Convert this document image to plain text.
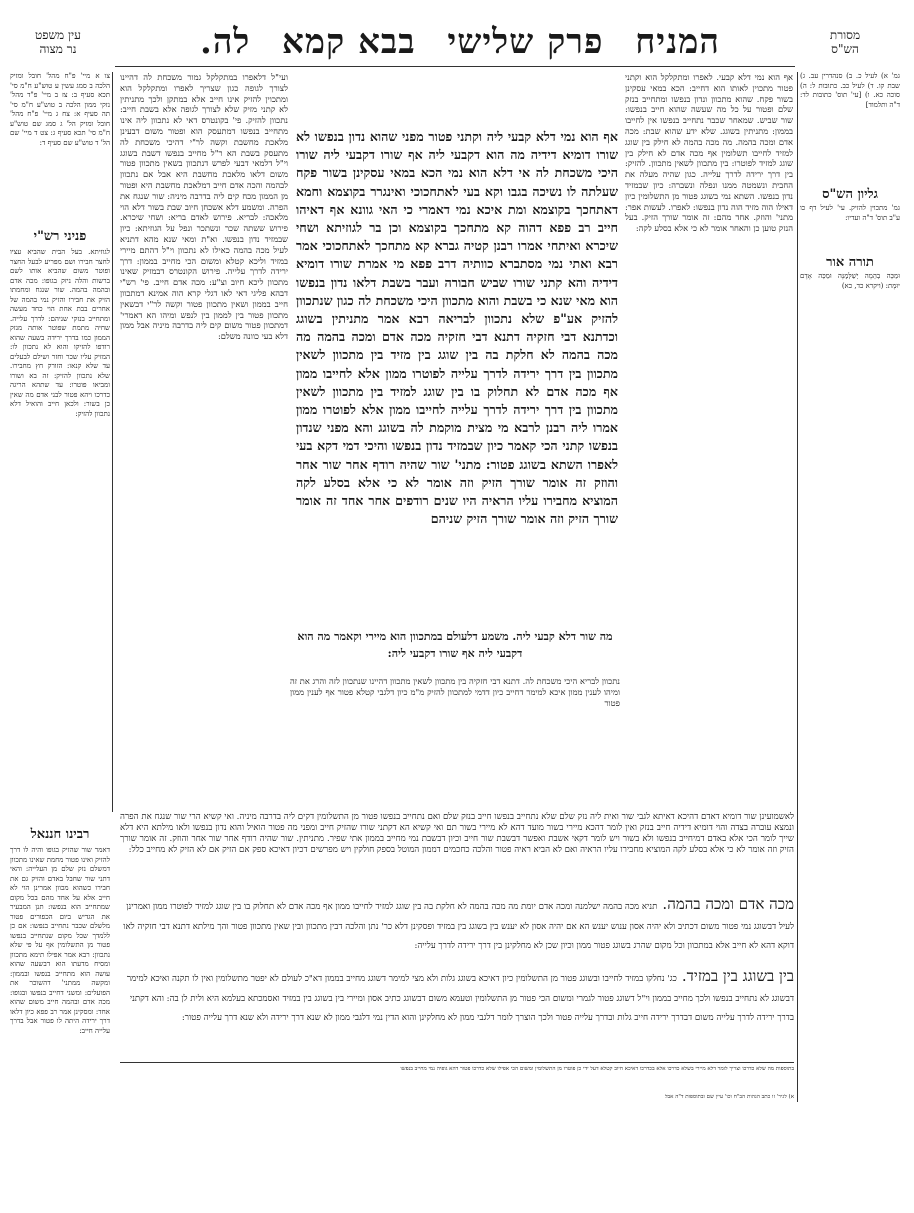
המניח
פרק שלישי
בבא קמא
לה.
עין משפט
נר מצוה
מסורת
הש"ס
צו א מיי' פ"ח מהל' חובל ומזיק הלכה ב סמג עשין ע טוש"ע ח"מ סי' תכא סעיף ב: צז ב מיי' פ"ד מהל' נזקי ממון הלכה ב טוש"ע ח"מ סי' תה סעיף א: צח ג מיי' פ"ח מהל' חובל ומזיק הל' ג סמג שם טוש"ע ח"מ סי' תכא סעיף ג: צט ד מיי' שם הל' ד טוש"ע שם סעיף ד:
פניני רש"י
לגוזיתא. בעל הבית שהביא עציו לחצר חבירו ושם מפריע לבעל החצר ופוטר משום שהביא אותו לשם ברשות והלה ניזק בגופו: מכה אדם ובהמה בהמה. שור שנגח ומחמתו הזיק את חבירו והזיק נמי בהמה של אחרים בבת אחת הוי כחד מעשה ומתחייב בנזקי שניהם: לדרך עלייה. שחיה מתמת שפוטר אותה מנזק הממון כמו בדרך ירידה בשעה שהוא רודפו להזיקו והוא לא נתכוון לו: המזיק עליו שכר וחזר ושילם לבעלים עד שלא קנאו: הזורק חץ מחבירו. שלא נתכוון להזיק: זה בא ושורו ומביאו פוטרו: עד שתהא הריגה כדרכו ויהא פטור לבני אדם מה שאין כן בשור: ולכאן חייב והואיל דלא נתכוון להזיק:
רבינו חננאל
דאמר שור שהזיק בגופו והיה לו דרך להזיק ואינו פטור מחמת שאינו מתכוון דמשלם נזק שלם מן העלייה: והאי דתני שור שחבל באדם והזיק גם את חבירו כשהוא מכוון אמרינן הוי לא חייב אלא על אחד מהם בכל מקום שמתחייב הוא בנפשו: תנן המבעיר את הגדיש ביום הכפורים פטור מלשלם שכבר נתחייב בנפשו: אם כן ללמדך שכל מקום שנתחייב בנפשו פטור מן התשלומין אף על פי שלא נתכוון: רבא אמר אפילו תימא מתכוון ומסיח מדעתו הוא דבשעה שהוא עושה הוא מתחייב בנפשו ובממון: ומקשה ממתני' דהשוכר את הפועלים: ומשני דחייב בנפשו ובגופו: מכה אדם ובהמה חייב משום שהוא אחד: ומסקינן אמר רב פפא כיון דלאו דרך ירידה היתה לו פטור אבל בדרך עלייה חייב:
גמ' א) לעיל כ. ב) סנהדרין עב. ג) שבת קו. ד) לעיל כב. כתובות ל: ה) סוכה כא. ו) [עי' תוס' כתובות לד: ד"ה ותלמוד]
גליון הש"ס
גמ' מתכוין להזיק. עי' לעיל דף כו ע"ב תוס' ד"ה ועדיו:
תורה אור
וּמַכֵּה בְהֵמָה יְשַׁלְּמֶנָּה וּמַכֵּה אָדָם יוּמָת: (ויקרא כד, כא)
ועי"ל דלאפרו במתקלקל גמור משכחת לה דהיינו לצורך לגופה כגון שצריך לאפרו ומתקלקל הוא ומתכוין להזיק אינו חייב אלא במתקן ולכך מתניתין לא קתני מזיק שלא לצורך לגופה אלא בשבת חייב: נתכוון להזיק. פי' בקונטרס דאי לא נתכוון ליה אינו מתחייב בנפשו דמתעסק הוא ופטור משום דבעינן מלאכת מחשבת וקשה לר"י דהיכי משכחת לה מתעסק בשבת הא ר"ל מחייב בנפשו דשבת בשוגג וי"ל דלמאי דבעי לפרש דנתכוון בשאין מתכוון פטור משום דלאו מלאכת מחשבת היא אבל אם נתכוון לבהמה והכה אדם חייב דמלאכת מחשבת היא ופטור מן הממון מכח קים ליה בדרבה מיניה: שור שנגח את הפרה. ומשמע דלא אשכחן חיוב שבת בשור דלא הוי מלאכה: לבריא. פירוש לאדם בריא: ושחי שיכרא. פירוש ששתה שכר ונשתכר ונפל על הגוזיתא: כיון שבמזיד נדון בנפשו. וא"ת ומאי שנא מהא דתניא לעיל מכה בהמה כאילו לא נתכוון וי"ל דהתם מיירי במזיד וליכא קטלא ומשום הכי מחייב בממון: דרך ירידה לדרך עלייה. פירוש הקונטרס דבמזיק שאינו מתכוון ליכא חיוב וצ"ע: מכה אדם חייב. פי' רש"י דבהא פליגי דאי לאו דגלי קרא הוה אמינא דמתכוון חייב בממון ושאין מתכוון פטור וקשה לר"י דבשאין מתכוון פטור בין לממון בין לנפש ומיהו הא דאמרי' דמתכוון פטור משום קים ליה בדרבה מיניה אבל ממון דלא בעי כוונה משלם:
אף הוא נמי דלא קבעי. לאפרו ומתקלקל הוא וקתני פטור מתכוין לאותו הוא דחייב: הכא במאי עסקינן בשור פקח. שהוא מתכוון ונדון בנפשו ומתחייב בנזק שלם ופטור על כל מה שעשה שהוא חייב בנפשו: שור שביש. שמאחר שכבר נתחייב בנפשו אין לחייבו בממון: מתניתין בשוגג. שלא ידע שהוא שבת: מכה אדם ומכה בהמה. מה מכה בהמה לא חילק בין שוגג למזיד לחייבו תשלומין אף מכה אדם לא חילק בין שוגג למזיד לפוטרו: בין מתכוון לשאין מתכוון. להזיק: בין דרך ירידה לדרך עלייה. כגון שהיה מעלה את החבית ונשמטה ממנו ונפלה ונשברה: כיון שבמזיד נדון בנפשו. השתא נמי בשוגג פטור מן התשלומין כיון דאילו הוה מזיד הוה נדון בנפשו: לאפרו. לעשות אפר: מתני' והוזק. אחד מהם: זה אומר שורך הזיק. בעל הנזק טוען כן והאחר אומר לא כי אלא בסלע לקה:
אף הוא נמי דלא קבעי ליה וקתני פטור מפני שהוא נדון בנפשו לא שורו דומיא דידיה מה הוא דקבעי ליה אף שורו דקבעי ליה שורו היכי משכחת לה אי דלא הוא נמי הכא במאי עסקינן בשור פקח שעלתה לו נשיכה בגבו וקא בעי לאתחכוכי ואינגרר בקוצמא וחמא דאתחכך בקוצמא ומת איכא נמי דאמרי כי האי גוונא אף דאיהו חייב רב פפא דהוה קא מתחכך בקוצמא וכן בר לגוזיתא ושחי שיכרא ואיתחי אמרו רבנן קטיה גברא קא מתחכך לאתחכוכי אמר רבא ואתי נמי מסתברא כוותיה דרב פפא מי אמרת שורו דומיא דידיה והא קתני שורו שביש חבורה ועבר בשבת דלאו נדון בנפשו הוא מאי שנא כי בשבת והוא מתכוון היכי משכחת לה כגון שנתכוון להזיק אע"פ שלא נתכוון לבריאה רבא אמר מתניתין בשוגג וכדתנא דבי חזקיה דתנא דבי חזקיה מכה אדם ומכה בהמה מה מכה בהמה לא חלקת בה בין שוגג בין מזיד בין מתכוון לשאין מתכוון בין דרך ירידה לדרך עלייה לפוטרו ממון אלא לחייבו ממון אף מכה אדם לא תחלוק בו בין שוגג למזיד בין מתכוון לשאין מתכוון בין דרך ירידה לדרך עלייה לחייבו ממון אלא לפוטרו ממון אמרו ליה רבנן לרבא מי מצית מוקמת לה בשוגג והא מפני שנדון בנפשו קתני הכי קאמר כיון שבמזיד נדון בנפשו והיכי דמי דקא בעי לאפרו השתא בשוגג פטור: מתני' שור שהיה רודף אחר שור אחר והוזק זה אומר שורך הזיק וזה אומר לא כי אלא בסלע לקה המוציא מחבירו עליו הראיה היו שנים רודפים אחר אחד זה אומר שורך הזיק וזה אומר שורך הזיק שניהם
מה שור דלא קבעי ליה. משמע דלעולם במתכוון הוא מיירי וקאמר מה הוא דקבעי ליה אף שורו דקבעי ליה:
נתכוון לבריא היכי משכחת לה. דתנא דבי חזקיה בין מתכוון לשאין מתכוון דהיינו שנתכוון לזה והרג את זה ומיהו לענין ממון איכא למימר דחייב כיון דדמי למתכוון להזיק מ"מ כיון דלגבי קטלא פטור אף לענין ממון פטור
לאשמועינן שור דומיא דאדם דהיכא דאיתא לגבי שור ואית ליה נזק שלם שלא נתחייב בנפשו חייב בנזק שלם ואם נתחייב בנפשו פטור מן התשלומין דקים ליה בדרבה מיניה. ואי קשיא הרי שור שנגח את הפרה ונמצא עוברה בצדה והוי דומיא דידיה חייב בנזק ואין לומר דהכא מיירי בשור מועד דהא לא מיירי בשור תם ואי קשיא הא דקתני שורו שהזיק חייב ומפני מה פטור הואיל והוא נדון בנפשו ולאו מילתא היא דלא שייך לומר הכי אלא באדם דמיחייב בנפשו ולא בשור ויש לומר דקאי אשבת ואפשר דבשבת שור חייב וכיון דבשבת נמי מחייב בממון אתי שפיר. מתניתין. שור שהיה רודף אחר שור אחר והוזק. זה אומר שורך הזיק וזה אומר לא כי אלא בסלע לקה המוציא מחבירו עליו הראיה ואם לא הביא ראיה פטור והלכה כחכמים דממון המוטל בספק חולקין ויש מפרשים דכיון דאיכא ספק אם הזיק אם לא הזיק לא מחייב כלל:
מכה אדם ומכה בהמה. תניא מכה בהמה ישלמנה ומכה אדם יומת מה מכה בהמה לא חלקת בה בין שוגג למזיד לחייבו ממון אף מכה אדם לא תחלוק בו בין שוגג למזיד לפוטרו ממון ואמרינן לעיל דבשוגג נמי פטור משום דכתיב ולא יהיה אסון ענוש יענש הא אם יהיה אסון לא יענש בין בשוגג בין במזיד ופסקינן דלא כר' נתן והלכה דבין מתכוון ובין שאין מתכוון פטור והך מילתא דתנא דבי חזקיה לאו דוקא דהא לא חייב אלא במתכוון וכל מקום שהרג בשוגג פטור ממון וכיון שכן לא מחלקינן בין דרך ירידה לדרך עלייה:
בין בשוגג בין במזיד. כג' נחלקו במזיד לחייבו ובשוגג פטור מן התשלומין כיון דאיכא בשוגג גלות ולא מצי למימר דשוגג מחייב בממון דא"כ לעולם לא יפטר מתשלומין ואין לו תקנה ואיכא למימר דבשוגג לא נתחייב בנפשו ולכך מחייב בממון וי"ל דשוגג פטור לגמרי ומשום הכי פטור מן התשלומין וטעמא משום דבשוגג כתיב אסון ומיירי בין בשוגג בין במזיד ואסמכתא בעלמא היא ולית לן בה: והא דקתני בדרך ירידה לדרך עלייה משום דבדרך ירידה חייב גלות ובדרך עלייה פטור ולכך הוצרך לומר דלגבי ממון לא מחלקינן והוא הדין נמי דלגבי ממון לא שנא דרך ירידה ולא שנא דרך עלייה פטור:
בתוספות מה שלא כדרכו וצריך לומר דלא מיירי בשלא כדרכו אלא בכדרכו דאיכא חיוב קטלא דעל ידי כן פוטרו מן התשלומין ומשום הכי אפילו שלא כדרכו פטור דהא גופיה נמי מחייב בנפשו
א) לגיר' זו כתב הגהות הב"ח וכו' עיין שם ובתוספות ד"ה אבל
